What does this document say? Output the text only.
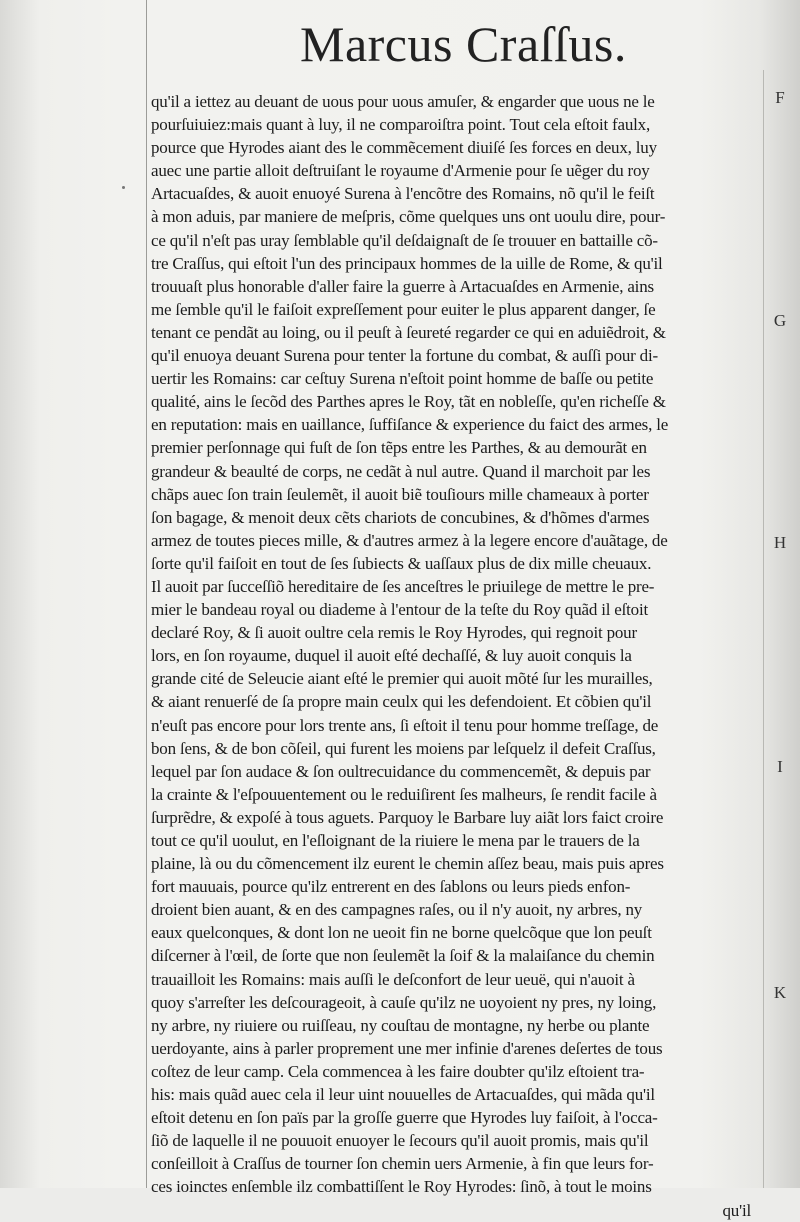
Marcus Craſſus.
qu'il a iettez au deuant de uous pour uous amuſer, & engarder que uous ne le
pourſuiuiez:mais quant à luy, il ne comparoiſtra point. Tout cela eſtoit faulx,
pource que Hyrodes aiant des le commẽcement diuiſé ſes forces en deux, luy
auec une partie alloit deſtruiſant le royaume d'Armenie pour ſe uẽger du roy
Artacuaſdes, & auoit enuoyé Surena à l'encõtre des Romains, nõ qu'il le feiſt
à mon aduis, par maniere de meſpris, cõme quelques uns ont uoulu dire, pour-
ce qu'il n'eſt pas uray ſemblable qu'il deſdaignaſt de ſe trouuer en battaille cõ-
tre Craſſus, qui eſtoit l'un des principaux hommes de la uille de Rome, & qu'il
trouuaſt plus honorable d'aller faire la guerre à Artacuaſdes en Armenie, ains
me ſemble qu'il le faiſoit expreſſement pour euiter le plus apparent danger, ſe
tenant ce pendãt au loing, ou il peuſt à ſeureté regarder ce qui en aduiẽdroit, &
qu'il enuoya deuant Surena pour tenter la fortune du combat, & auſſi pour di-
uertir les Romains: car ceſtuy Surena n'eſtoit point homme de baſſe ou petite
qualité, ains le ſecõd des Parthes apres le Roy, tãt en nobleſſe, qu'en richeſſe &
en reputation: mais en uaillance, ſuffiſance & experience du faict des armes, le
premier perſonnage qui fuſt de ſon tẽps entre les Parthes, & au demourãt en
grandeur & beaulté de corps, ne cedãt à nul autre. Quand il marchoit par les
chãps auec ſon train ſeulemẽt, il auoit biẽ touſiours mille chameaux à porter
ſon bagage, & menoit deux cẽts chariots de concubines, & d'hõmes d'armes
armez de toutes pieces mille, & d'autres armez à la legere encore d'auãtage, de
ſorte qu'il faiſoit en tout de ſes ſubiects & uaſſaux plus de dix mille cheuaux.
Il auoit par ſucceſſiõ hereditaire de ſes anceſtres le priuilege de mettre le pre-
mier le bandeau royal ou diademe à l'entour de la teſte du Roy quãd il eſtoit
declaré Roy, & ſi auoit oultre cela remis le Roy Hyrodes, qui regnoit pour
lors, en ſon royaume, duquel il auoit eſté dechaſſé, & luy auoit conquis la
grande cité de Seleucie aiant eſté le premier qui auoit mõté ſur les murailles,
& aiant renuerſé de ſa propre main ceulx qui les defendoient. Et cõbien qu'il
n'euſt pas encore pour lors trente ans, ſi eſtoit il tenu pour homme treſſage, de
bon ſens, & de bon cõſeil, qui furent les moiens par leſquelz il defeit Craſſus,
lequel par ſon audace & ſon oultrecuidance du commencemẽt, & depuis par
la crainte & l'eſpouuentement ou le reduiſirent ſes malheurs, ſe rendit facile à
ſurprẽdre, & expoſé à tous aguets. Parquoy le Barbare luy aiãt lors faict croire
tout ce qu'il uoulut, en l'eſloignant de la riuiere le mena par le trauers de la
plaine, là ou du cõmencement ilz eurent le chemin aſſez beau, mais puis apres
fort mauuais, pource qu'ilz entrerent en des ſablons ou leurs pieds enfon-
droient bien auant, & en des campagnes raſes, ou il n'y auoit, ny arbres, ny
eaux quelconques, & dont lon ne ueoit fin ne borne quelcõque que lon peuſt
diſcerner à l'œil, de ſorte que non ſeulemẽt la ſoif & la malaiſance du chemin
trauailloit les Romains: mais auſſi le deſconfort de leur ueuë, qui n'auoit à
quoy s'arreſter les deſcourageoit, à cauſe qu'ilz ne uoyoient ny pres, ny loing,
ny arbre, ny riuiere ou ruiſſeau, ny couſtau de montagne, ny herbe ou plante
uerdoyante, ains à parler proprement une mer infinie d'arenes deſertes de tous
coſtez de leur camp. Cela commencea à les faire doubter qu'ilz eſtoient tra-
his: mais quãd auec cela il leur uint nouuelles de Artacuaſdes, qui mãda qu'il
eſtoit detenu en ſon païs par la groſſe guerre que Hyrodes luy faiſoit, à l'occa-
ſiõ de laquelle il ne pouuoit enuoyer le ſecours qu'il auoit promis, mais qu'il
conſeilloit à Craſſus de tourner ſon chemin uers Armenie, à fin que leurs for-
ces ioinctes enſemble ilz combattiſſent le Roy Hyrodes: ſinõ, à tout le moins
qu'il
F
G
H
I
K
